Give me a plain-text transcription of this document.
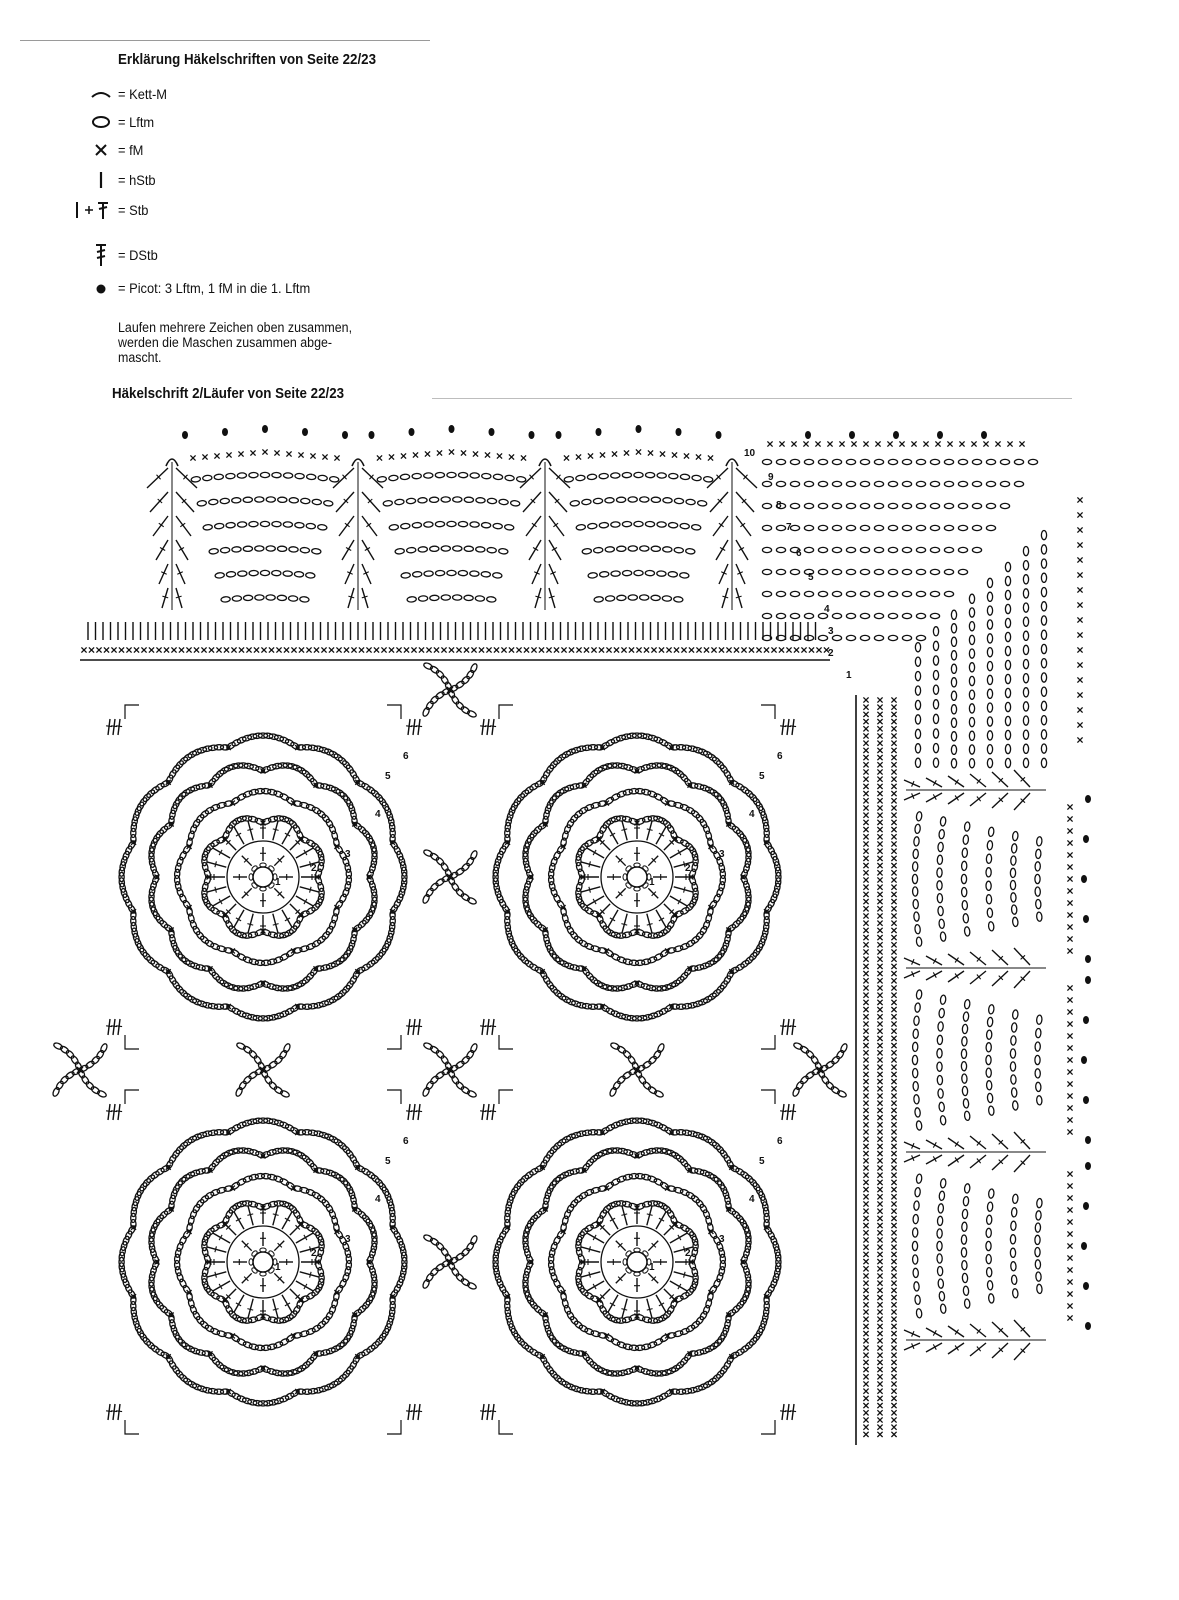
Erklärung Häkelschriften von Seite 22/23
= Kett-M
= Lftm
= fM
= hStb
= Stb
= DStb
= Picot: 3 Lftm, 1 fM in die 1. Lftm
Laufen mehrere Zeichen oben zusammen,
werden die Maschen zusammen abge-
mascht.
Häkelschrift 2/Läufer von Seite 22/23
1
2
3
4
5
6
1
2
3
4
5
6
1
2
3
4
5
6
1
2
3
4
5
6
1
2
3
4
5
6
7
8
9
10
